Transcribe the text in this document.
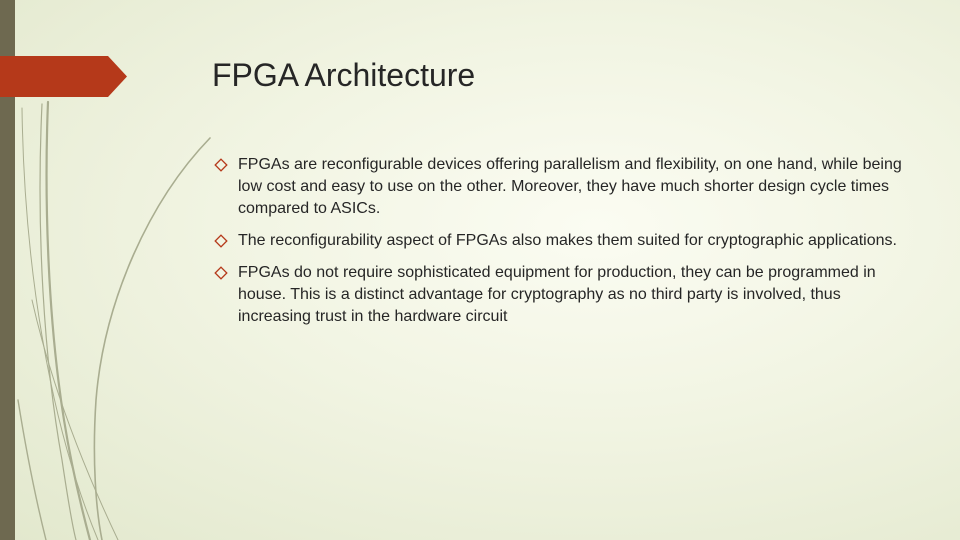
FPGA Architecture
FPGAs are reconfigurable devices offering parallelism and flexibility, on one hand, while being low cost and easy to use on the other. Moreover, they have much shorter design cycle times compared to ASICs.
The reconfigurability aspect of FPGAs also makes them suited for cryptographic applications.
FPGAs do not require sophisticated equipment for production, they can be programmed in house. This is a distinct advantage for cryptography as no third party is involved, thus increasing trust in the hardware circuit
